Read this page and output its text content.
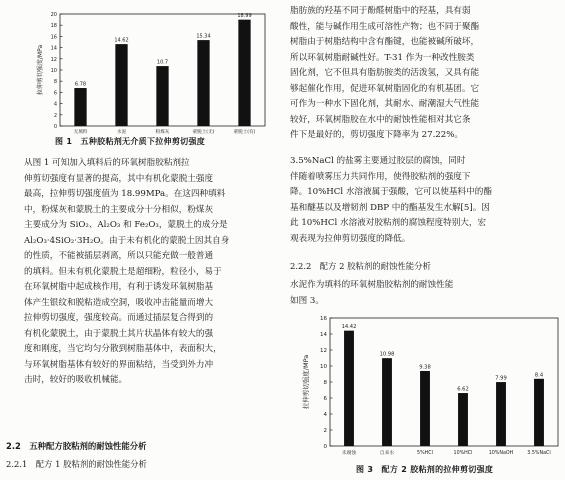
0
2
4
6
8
10
12
14
16
18
20
拉伸剪切强度/MPa	6.78
无填料
14.62
水泥
10.7
粉煤灰
15.34
蒙脱土(无)
18.99
蒙脱土(有)
图 1　五种胶粘剂无介质下拉伸剪切强度
从图 1 可知加入填料后的环氧树脂胶粘剂拉
伸剪切强度有显著的提高，其中有机化蒙脱土强度
最高，拉伸剪切强度值为 18.99MPa。在这四种填料
中，粉煤灰和蒙脱土的主要成分十分相似，粉煤灰
主要成分为 SiO₂、Al₂O₃ 和 Fe₂O₃，蒙脱土的成分是
Al₂O₃·4SiO₂·3H₂O。由于未有机化的蒙脱土因其自身
的性质，不能被插层剥离，所以只能充做一般普通
的填料。但未有机化蒙脱土是超细粉，粒径小，易于
在环氧树脂中起成核作用，有利于诱发环氧树脂基
体产生银纹和脱粘造成空洞，吸收冲击能量而增大
拉伸剪切强度，强度较高。而通过插层复合得到的
有机化蒙脱土，由于蒙脱土其片状晶体有较大的强
度和刚度，当它均匀分散到树脂基体中，表面积大，
与环氧树脂基体有较好的界面粘结，当受到外力冲
击时，较好的吸收机械能。
2.2　五种配方胶粘剂的耐蚀性能分析
2.2.1　配方 1 胶粘剂的耐蚀性能分析
脂肪族的羟基不同于酚醛树脂中的羟基，具有弱
酸性，能与碱作用生成可溶性产物；也不同于聚酯
树脂由于树脂结构中含有酯键，也能被碱所破坏，
所以环氧树脂耐碱性好。T-31 作为一种改性胺类
固化剂，它不但具有脂肪胺类的活泼氢，又具有能
够起催化作用，促进环氧树脂固化的有机基团。它
可作为一种水下固化剂，其耐水、耐潮湿大气性能
较好，环氧树脂胶在水中的耐蚀性能相对其它条
件下是最好的，剪切强度下降率为 27.22%。
3.5%NaCl 的盐雾主要通过胶层的腐蚀，同时
伴随着喷雾压力共同作用，使得胶粘剂的强度下
降。10%HCl 水溶液属于强酸，它可以使基料中的酯
基和醚基以及增韧剂 DBP 中的酯基发生水解[5]。因
此 10%HCl 水溶液对胶粘剂的腐蚀程度特别大，宏
观表现为拉伸剪切强度的降低。
2.2.2　配方 2 胶粘剂的耐蚀性能分析
水泥作为填料的环氧树脂胶粘剂的耐蚀性能
如图 3。
0
2
4
6
8
10
12
14
16
拉伸剪切强度/MPa
14.42
未腐蚀
10.98
自来水
9.38
5%HCl
6.62
10%HCl
7.99
10%NaOH
8.4
3.5%NaCl
图 3　配方 2 胶粘剂的拉伸剪切强度
